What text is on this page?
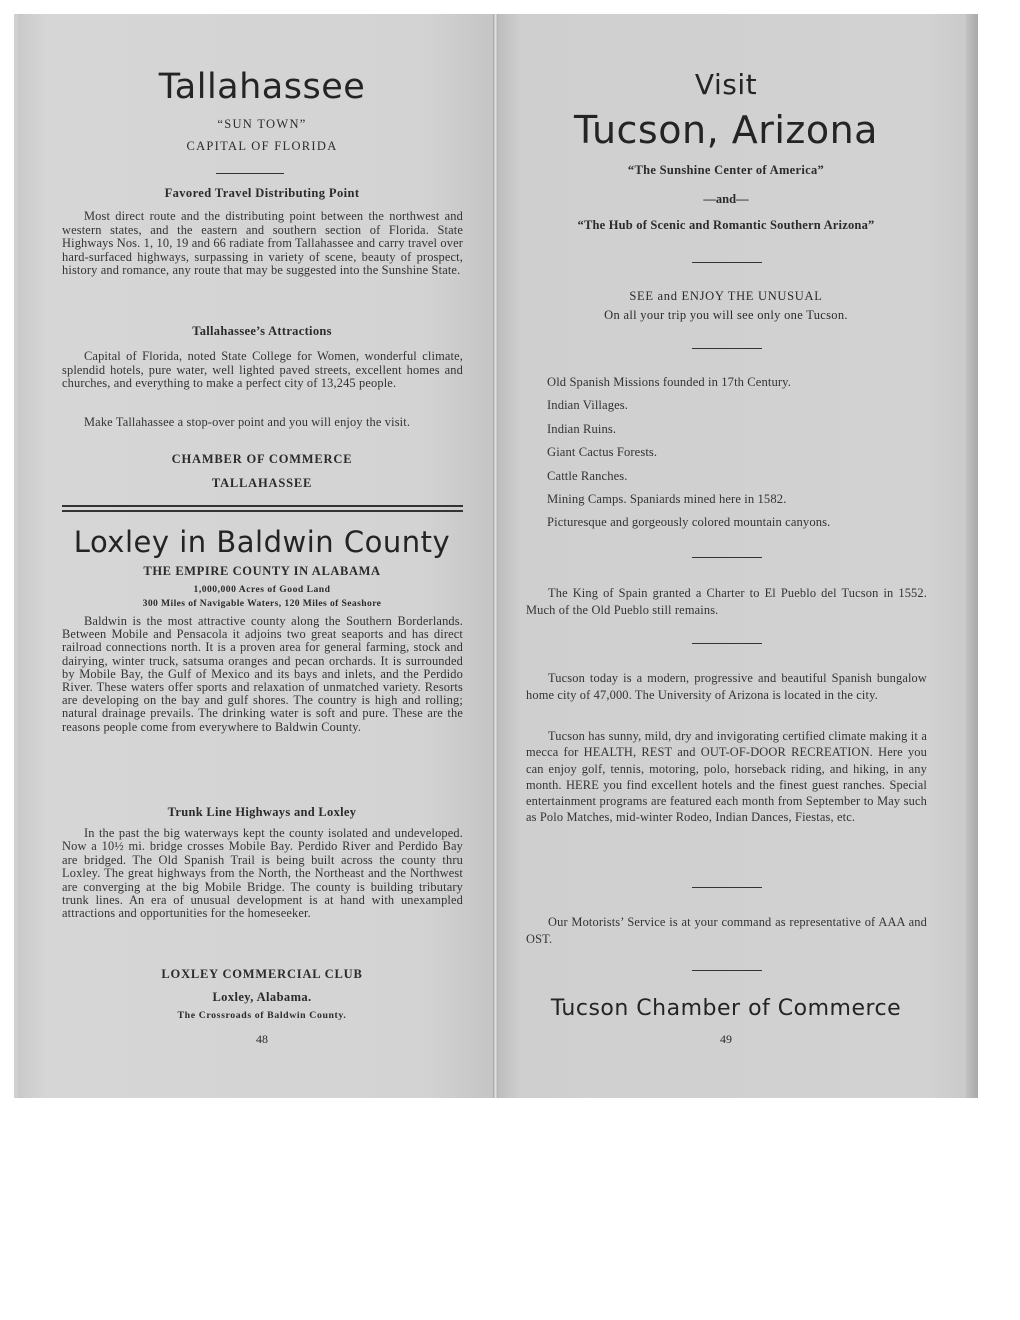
Tallahassee
“SUN TOWN”
CAPITAL OF FLORIDA
Favored Travel Distributing Point

Most direct route and the distributing point between the northwest and western states, and the eastern and southern section of Florida. State Highways Nos. 1, 10, 19 and 66 radiate from Tallahassee and carry travel over hard-surfaced highways, surpassing in variety of scene, beauty of prospect, history and romance, any route that may be suggested into the Sunshine State.

Tallahassee’s Attractions

Capital of Florida, noted State College for Women, wonderful climate, splendid hotels, pure water, well lighted paved streets, excellent homes and churches, and everything to make a perfect city of 13,245 people.

Make Tallahassee a stop-over point and you will enjoy the visit.

CHAMBER OF COMMERCE
TALLAHASSEE
Loxley in Baldwin County
THE EMPIRE COUNTY IN ALABAMA
1,000,000 Acres of Good Land
300 Miles of Navigable Waters, 120 Miles of Seashore

Baldwin is the most attractive county along the Southern Borderlands. Between Mobile and Pensacola it adjoins two great seaports and has direct railroad connections north. It is a proven area for general farming, stock and dairying, winter truck, satsuma oranges and pecan orchards. It is surrounded by Mobile Bay, the Gulf of Mexico and its bays and inlets, and the Perdido River. These waters offer sports and relaxation of unmatched variety. Resorts are developing on the bay and gulf shores. The country is high and rolling; natural drainage prevails. The drinking water is soft and pure. These are the reasons people come from everywhere to Baldwin County.

Trunk Line Highways and Loxley

In the past the big waterways kept the county isolated and undeveloped. Now a 10½ mi. bridge crosses Mobile Bay. Perdido River and Perdido Bay are bridged. The Old Spanish Trail is being built across the county thru Loxley. The great highways from the North, the Northeast and the Northwest are converging at the big Mobile Bridge. The county is building tributary trunk lines. An era of unusual development is at hand with unexampled attractions and opportunities for the homeseeker.

LOXLEY COMMERCIAL CLUB
Loxley, Alabama.
The Crossroads of Baldwin County.
48
Visit
Tucson, Arizona
“The Sunshine Center of America”
—and—
“The Hub of Scenic and Romantic Southern Arizona”
SEE and ENJOY THE UNUSUAL
On all your trip you will see only one Tucson.
Old Spanish Missions founded in 17th Century.
Indian Villages.
Indian Ruins.
Giant Cactus Forests.
Cattle Ranches.
Mining Camps. Spaniards mined here in 1582.
Picturesque and gorgeously colored mountain canyons.

The King of Spain granted a Charter to El Pueblo del Tucson in 1552. Much of the Old Pueblo still remains.

Tucson today is a modern, progressive and beautiful Spanish bungalow home city of 47,000. The University of Arizona is located in the city.

Tucson has sunny, mild, dry and invigorating certified climate making it a mecca for HEALTH, REST and OUT-OF-DOOR RECREATION. Here you can enjoy golf, tennis, motoring, polo, horseback riding, and hiking, in any month. HERE you find excellent hotels and the finest guest ranches. Special entertainment programs are featured each month from September to May such as Polo Matches, mid-winter Rodeo, Indian Dances, Fiestas, etc.

Our Motorists’ Service is at your command as representative of AAA and OST.

Tucson Chamber of Commerce
49
